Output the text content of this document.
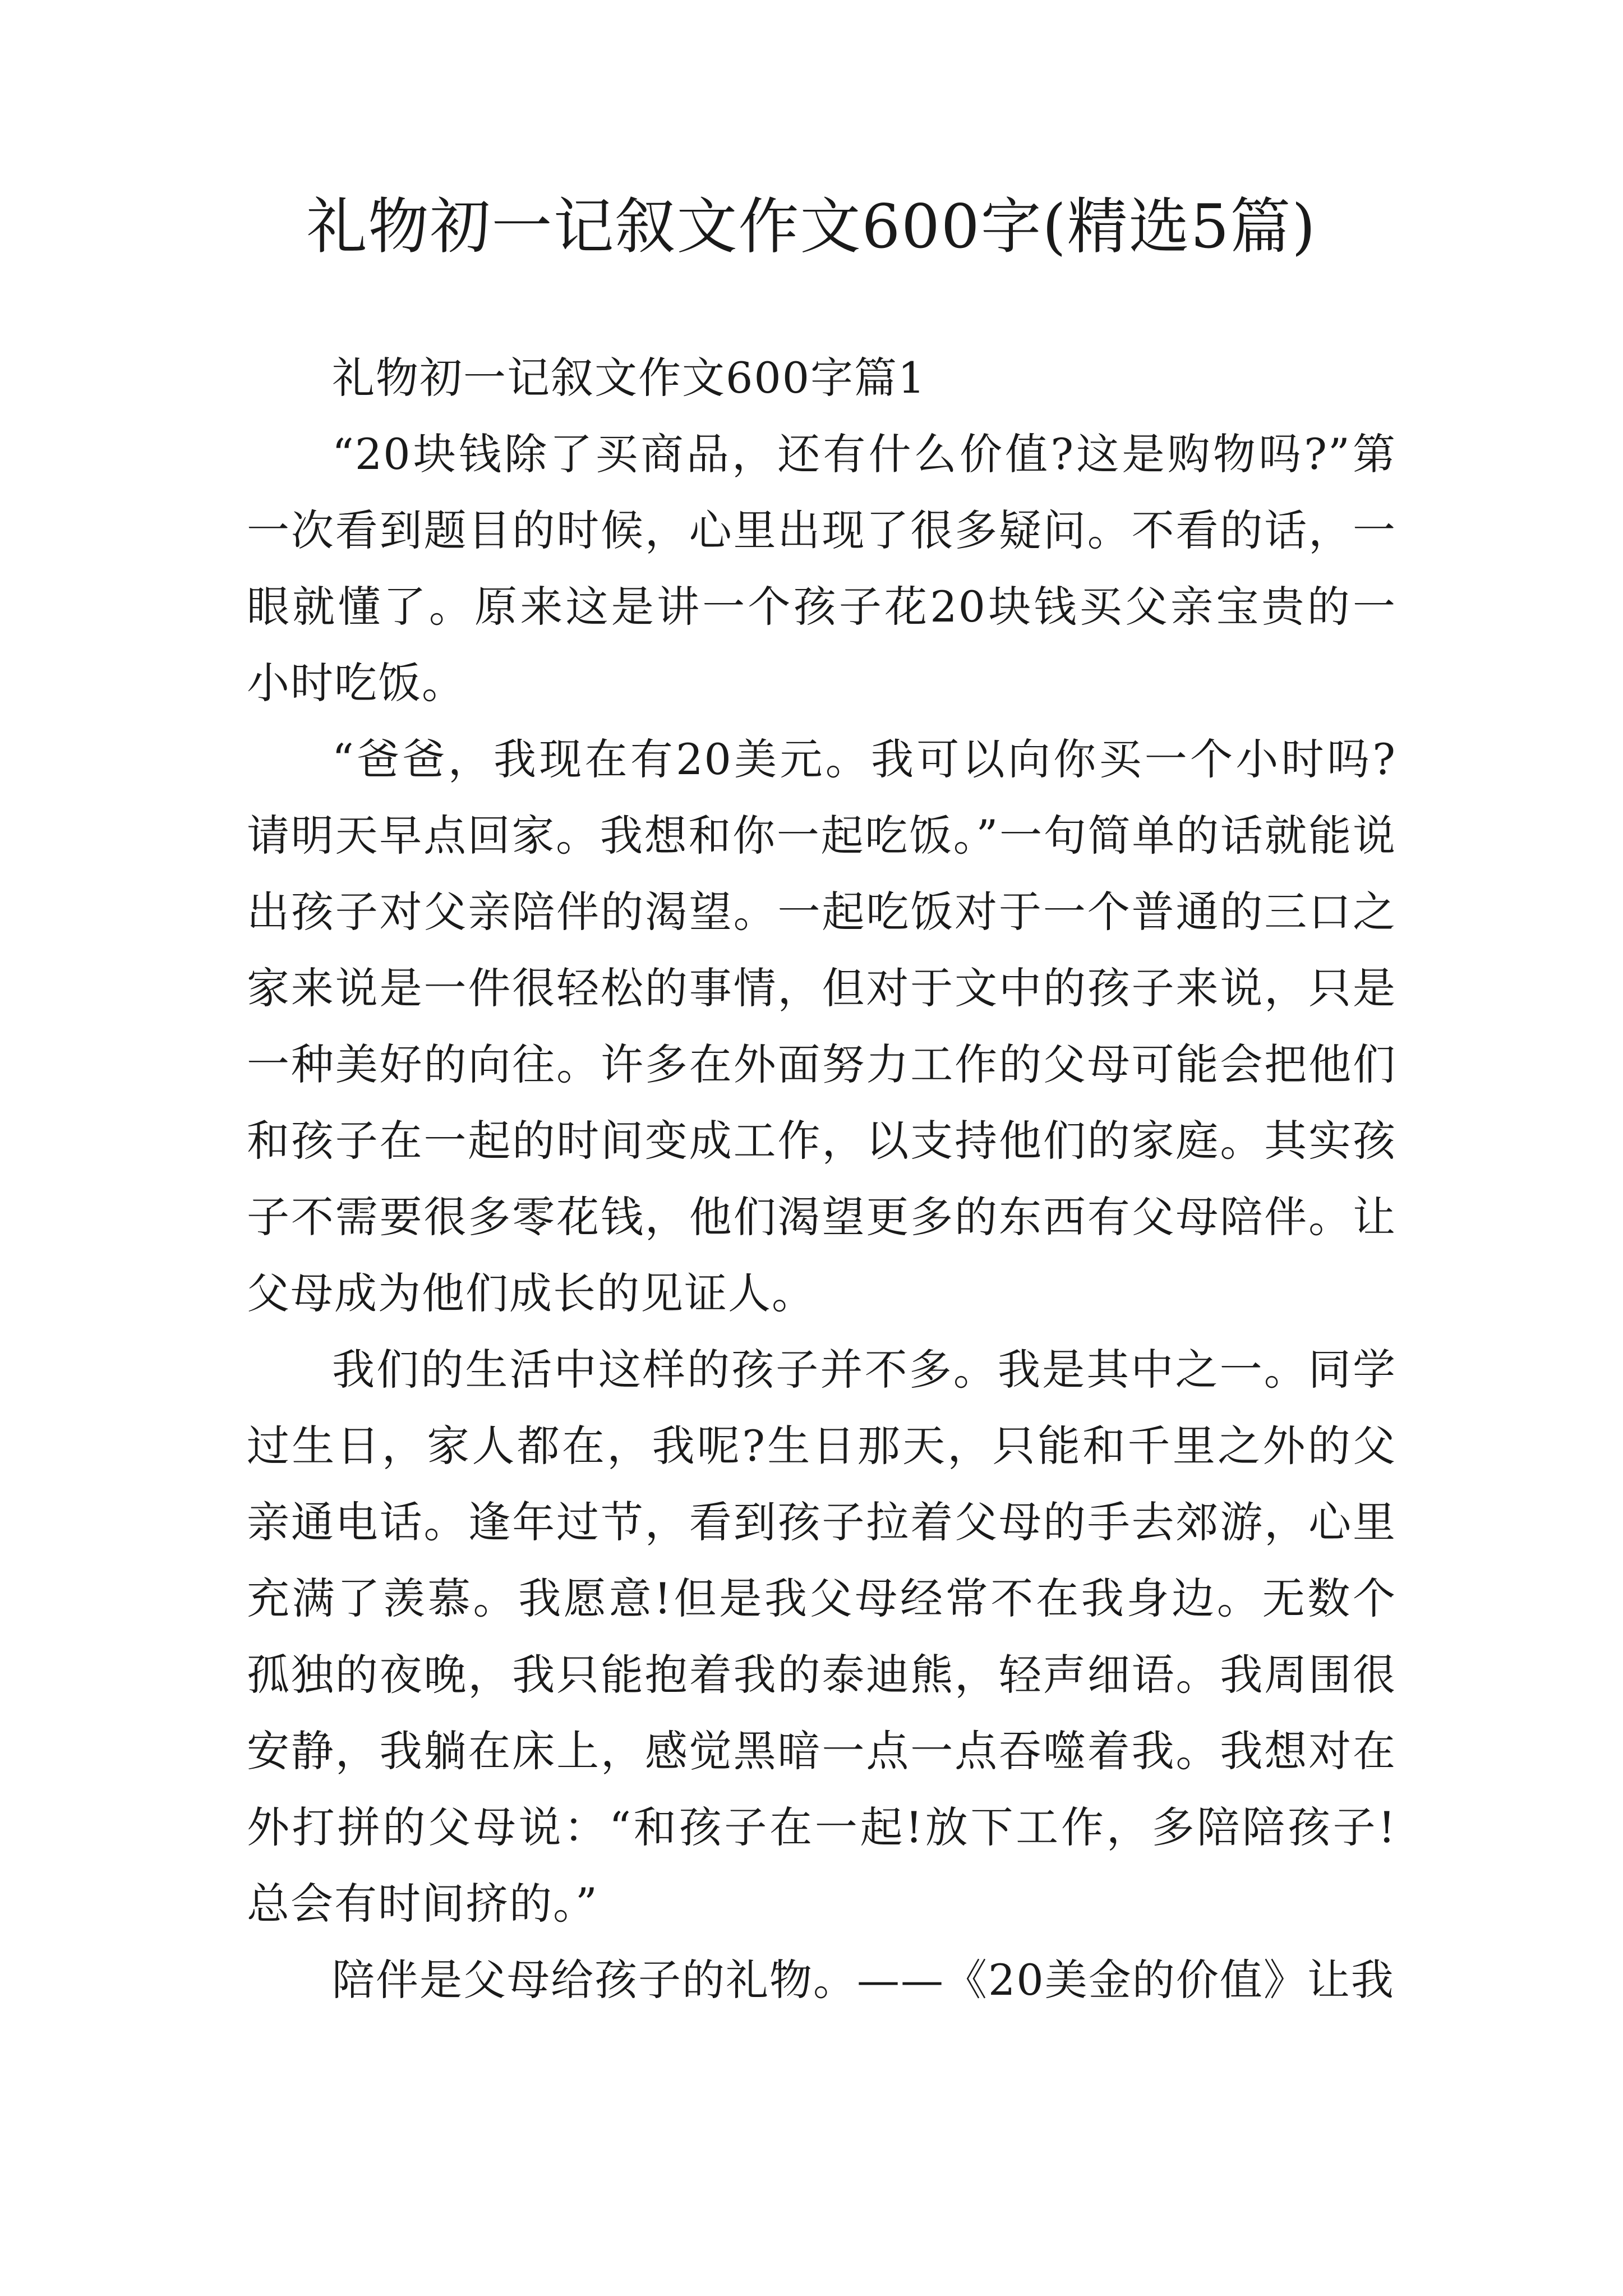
礼物初一记叙文作文600字(精选5篇)

礼物初一记叙文作文600字篇1

“20块钱除了买商品，还有什么价值?这是购物吗?”第一次看到题目的时候，心里出现了很多疑问。不看的话，一眼就懂了。原来这是讲一个孩子花20块钱买父亲宝贵的一小时吃饭。

“爸爸，我现在有20美元。我可以向你买一个小时吗?请明天早点回家。我想和你一起吃饭。”一句简单的话就能说出孩子对父亲陪伴的渴望。一起吃饭对于一个普通的三口之家来说是一件很轻松的事情，但对于文中的孩子来说，只是一种美好的向往。许多在外面努力工作的父母可能会把他们和孩子在一起的时间变成工作，以支持他们的家庭。其实孩子不需要很多零花钱，他们渴望更多的东西有父母陪伴。让父母成为他们成长的见证人。

我们的生活中这样的孩子并不多。我是其中之一。同学过生日，家人都在，我呢?生日那天，只能和千里之外的父亲通电话。逢年过节，看到孩子拉着父母的手去郊游，心里充满了羡慕。我愿意!但是我父母经常不在我身边。无数个孤独的夜晚，我只能抱着我的泰迪熊，轻声细语。我周围很安静，我躺在床上，感觉黑暗一点一点吞噬着我。我想对在外打拼的父母说：“和孩子在一起!放下工作，多陪陪孩子!总会有时间挤的。”

陪伴是父母给孩子的礼物。——《20美金的价值》让我
